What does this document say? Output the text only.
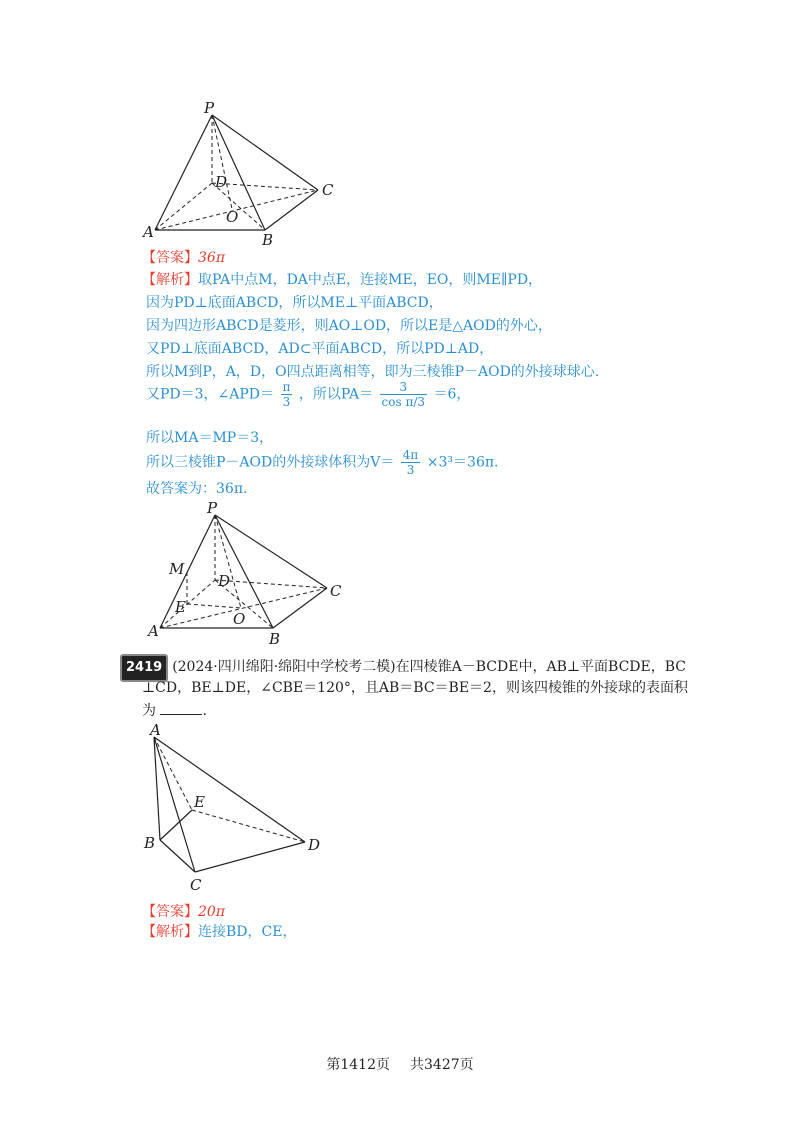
P
D	C
O
A	B
【答案】36π
【解析】取PA中点M，DA中点E，连接ME，EO，则ME∥PD，
因为PD⊥底面ABCD，所以ME⊥平面ABCD，
因为四边形ABCD是菱形，则AO⊥OD，所以E是△AOD的外心，
又PD⊥底面ABCD，AD⊂平面ABCD，所以PD⊥AD，
所以M到P，A，D，O四点距离相等，即为三棱锥P－AOD的外接球球心.
又PD＝3，∠APD＝ $\frac{\pi}{3}$ ，所以$PA= \frac{3}{\text{cos π/3}} =6$，
所以MA＝MP＝3，
所以三棱锥P－AOD的外接球体积为$V= \frac{4\pi}{3} \times 3^3=36\pi$.
故答案为：36π.
P
M
D
C
E
O
A	B
2419 (2024·四川绵阳·绵阳中学校考二模)在四棱锥A－BCDE中，AB⊥平面BCDE，BC
⊥CD，BE⊥DE，∠CBE＝120°，且AB＝BC＝BE＝2，则该四棱锥的外接球的表面积
为	.
A
E
B	D
C
【答案】20π
【解析】连接BD，CE，
第1412页 共3427页
